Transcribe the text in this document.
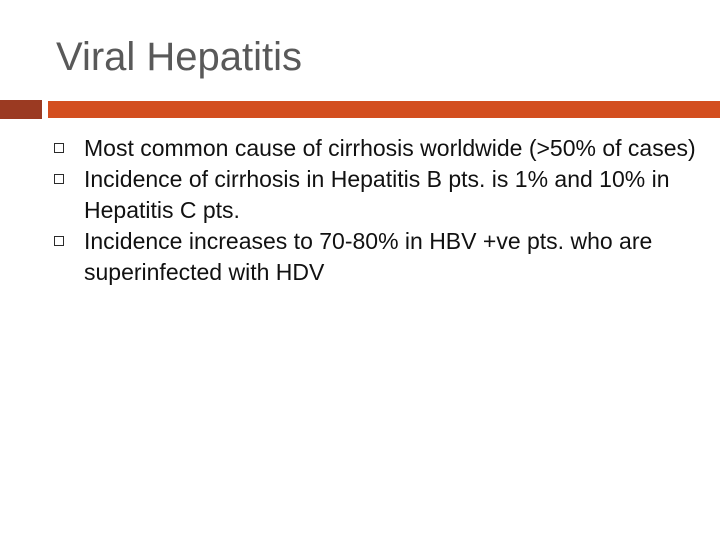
Viral Hepatitis
Most common cause of cirrhosis worldwide (>50% of cases)
Incidence of cirrhosis in Hepatitis B pts. is 1% and 10% in Hepatitis C pts.
Incidence increases to 70-80% in HBV +ve pts. who are superinfected with HDV
